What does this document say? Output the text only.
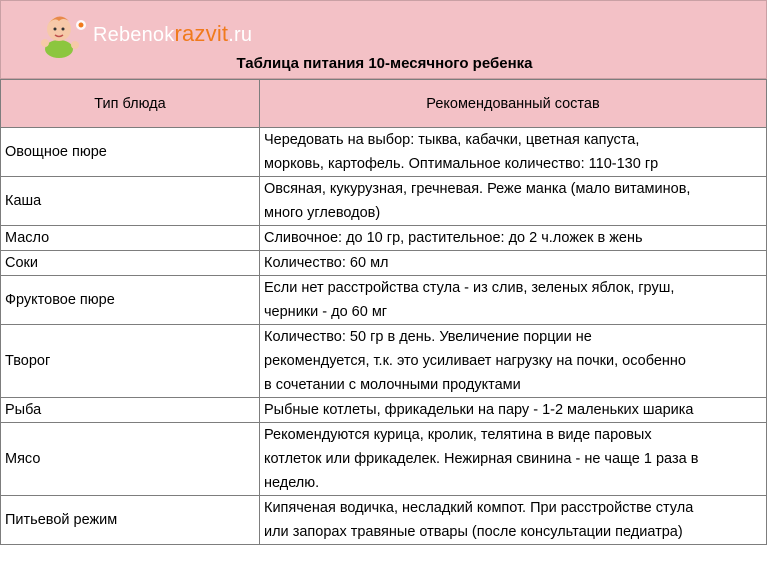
Rebenokrazvit.ru
Таблица питания 10-месячного ребенка
Тип блюда	Рекомендованный состав
Овощное пюре	Чередовать на выбор: тыква, кабачки, цветная капуста,
морковь, картофель. Оптимальное количество: 110-130 гр

Каша	Овсяная, кукурузная, гречневая. Реже манка (мало витаминов,
много углеводов)

Масло	Сливочное: до 10 гр, растительное: до 2 ч.ложек в жень

Соки	Количество: 60 мл

Фруктовое пюре	Если нет расстройства стула - из слив, зеленых яблок, груш,
черники - до 60 мг

Творог	Количество: 50 гр в день. Увеличение порции не
рекомендуется, т.к. это усиливает нагрузку на почки, особенно
в сочетании с молочными продуктами

Рыба	Рыбные котлеты, фрикадельки на пару - 1-2 маленьких шарика

Мясо	Рекомендуются курица, кролик, телятина в виде паровых
котлеток или фрикаделек. Нежирная свинина - не чаще 1 раза в
неделю.

Питьевой режим	Кипяченая водичка, несладкий компот. При расстройстве стула
или запорах травяные отвары (после консультации педиатра)
